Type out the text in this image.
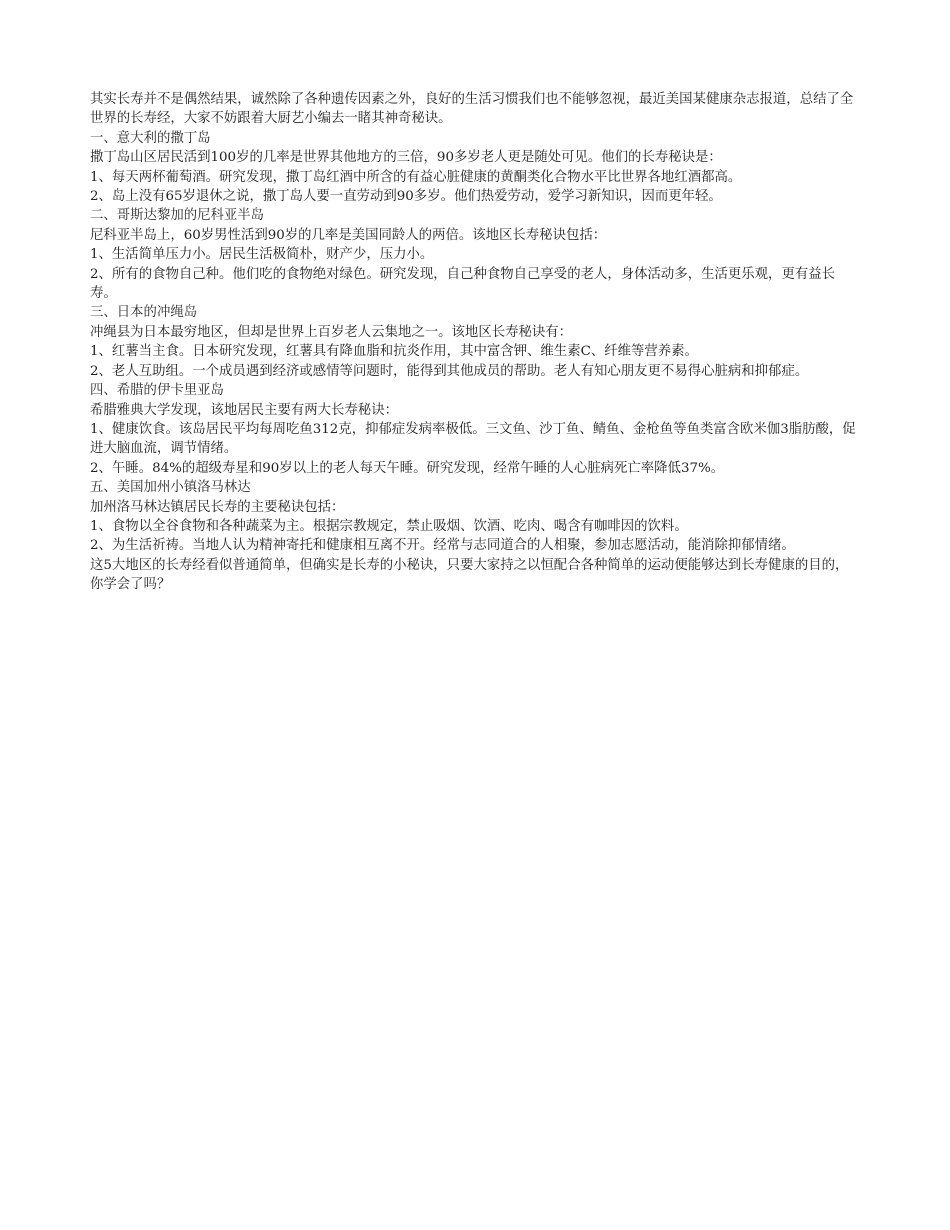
其实长寿并不是偶然结果，诚然除了各种遗传因素之外，良好的生活习惯我们也不能够忽视，最近美国某健康杂志报道，总结了全世界的长寿经，大家不妨跟着大厨艺小编去一睹其神奇秘诀。

一、意大利的撒丁岛

撒丁岛山区居民活到100岁的几率是世界其他地方的三倍，90多岁老人更是随处可见。他们的长寿秘诀是：

1、每天两杯葡萄酒。研究发现，撒丁岛红酒中所含的有益心脏健康的黄酮类化合物水平比世界各地红酒都高。

2、岛上没有65岁退休之说，撒丁岛人要一直劳动到90多岁。他们热爱劳动，爱学习新知识，因而更年轻。

二、哥斯达黎加的尼科亚半岛

尼科亚半岛上，60岁男性活到90岁的几率是美国同龄人的两倍。该地区长寿秘诀包括：

1、生活简单压力小。居民生活极简朴，财产少，压力小。

2、所有的食物自己种。他们吃的食物绝对绿色。研究发现，自己种食物自己享受的老人，身体活动多，生活更乐观，更有益长寿。

三、日本的冲绳岛

冲绳县为日本最穷地区，但却是世界上百岁老人云集地之一。该地区长寿秘诀有：

1、红薯当主食。日本研究发现，红薯具有降血脂和抗炎作用，其中富含钾、维生素C、纤维等营养素。

2、老人互助组。一个成员遇到经济或感情等问题时，能得到其他成员的帮助。老人有知心朋友更不易得心脏病和抑郁症。

四、希腊的伊卡里亚岛

希腊雅典大学发现，该地居民主要有两大长寿秘诀：

1、健康饮食。该岛居民平均每周吃鱼312克，抑郁症发病率极低。三文鱼、沙丁鱼、鲭鱼、金枪鱼等鱼类富含欧米伽3脂肪酸，促进大脑血流，调节情绪。

2、午睡。84%的超级寿星和90岁以上的老人每天午睡。研究发现，经常午睡的人心脏病死亡率降低37%。

五、美国加州小镇洛马林达

加州洛马林达镇居民长寿的主要秘诀包括：

1、食物以全谷食物和各种蔬菜为主。根据宗教规定，禁止吸烟、饮酒、吃肉、喝含有咖啡因的饮料。

2、为生活祈祷。当地人认为精神寄托和健康相互离不开。经常与志同道合的人相聚，参加志愿活动，能消除抑郁情绪。

这5大地区的长寿经看似普通简单，但确实是长寿的小秘诀，只要大家持之以恒配合各种简单的运动便能够达到长寿健康的目的，你学会了吗？
